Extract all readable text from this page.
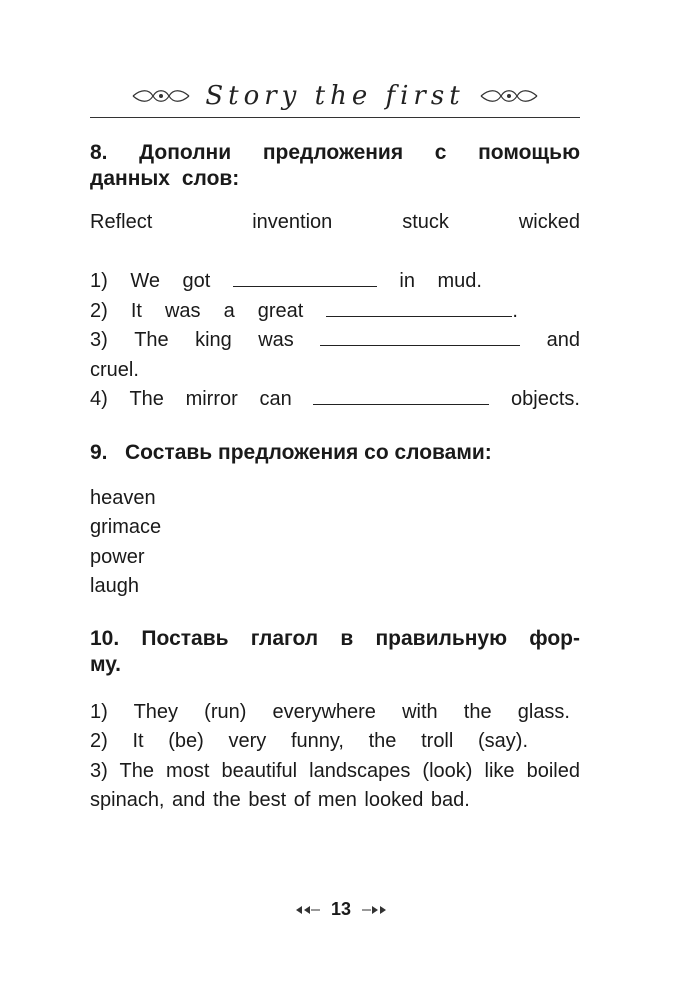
Story the first
8. Дополни предложения с помощью данных слов:
Reflect	invention	stuck	wicked
1) We got	in mud.
2) It was a great	.
3) The king was	and
cruel.
4) The mirror can	objects.
9.   Составь предложения со словами:
heaven
grimace
power
laugh
10. Поставь глагол в правильную фор-
му.
1) They (run) everywhere with the glass.
2) It (be) very funny, the troll (say).
3) The most beautiful landscapes (look) like boiled spinach, and the best of men looked bad.
13
